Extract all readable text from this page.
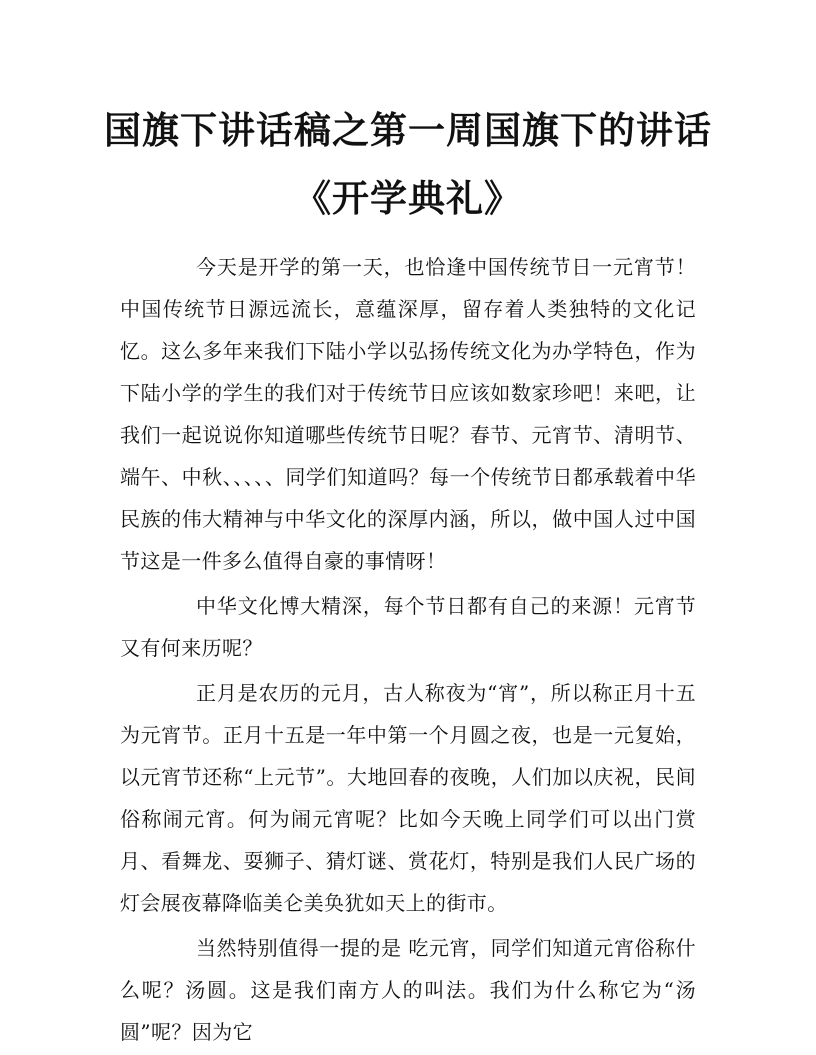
国旗下讲话稿之第一周国旗下的讲话
《开学典礼》

今天是开学的第一天，也恰逢中国传统节日一元宵节！中国传统节日源远流长，意蕴深厚，留存着人类独特的文化记忆。这么多年来我们下陆小学以弘扬传统文化为办学特色，作为下陆小学的学生的我们对于传统节日应该如数家珍吧！来吧，让我们一起说说你知道哪些传统节日呢？春节、元宵节、清明节、端午、中秋、、、、、同学们知道吗？每一个传统节日都承载着中华民族的伟大精神与中华文化的深厚内涵，所以，做中国人过中国节这是一件多么值得自豪的事情呀！

中华文化博大精深，每个节日都有自己的来源！元宵节又有何来历呢？

正月是农历的元月，古人称夜为“宵”，所以称正月十五为元宵节。正月十五是一年中第一个月圆之夜，也是一元复始，以元宵节还称“上元节”。大地回春的夜晚，人们加以庆祝，民间俗称闹元宵。何为闹元宵呢？比如今天晚上同学们可以出门赏月、看舞龙、耍狮子、猜灯谜、赏花灯，特别是我们人民广场的灯会展夜幕降临美仑美奂犹如天上的街市。

当然特别值得一提的是 吃元宵，同学们知道元宵俗称什么呢？汤圆。这是我们南方人的叫法。我们为什么称它为“汤圆”呢？因为它
